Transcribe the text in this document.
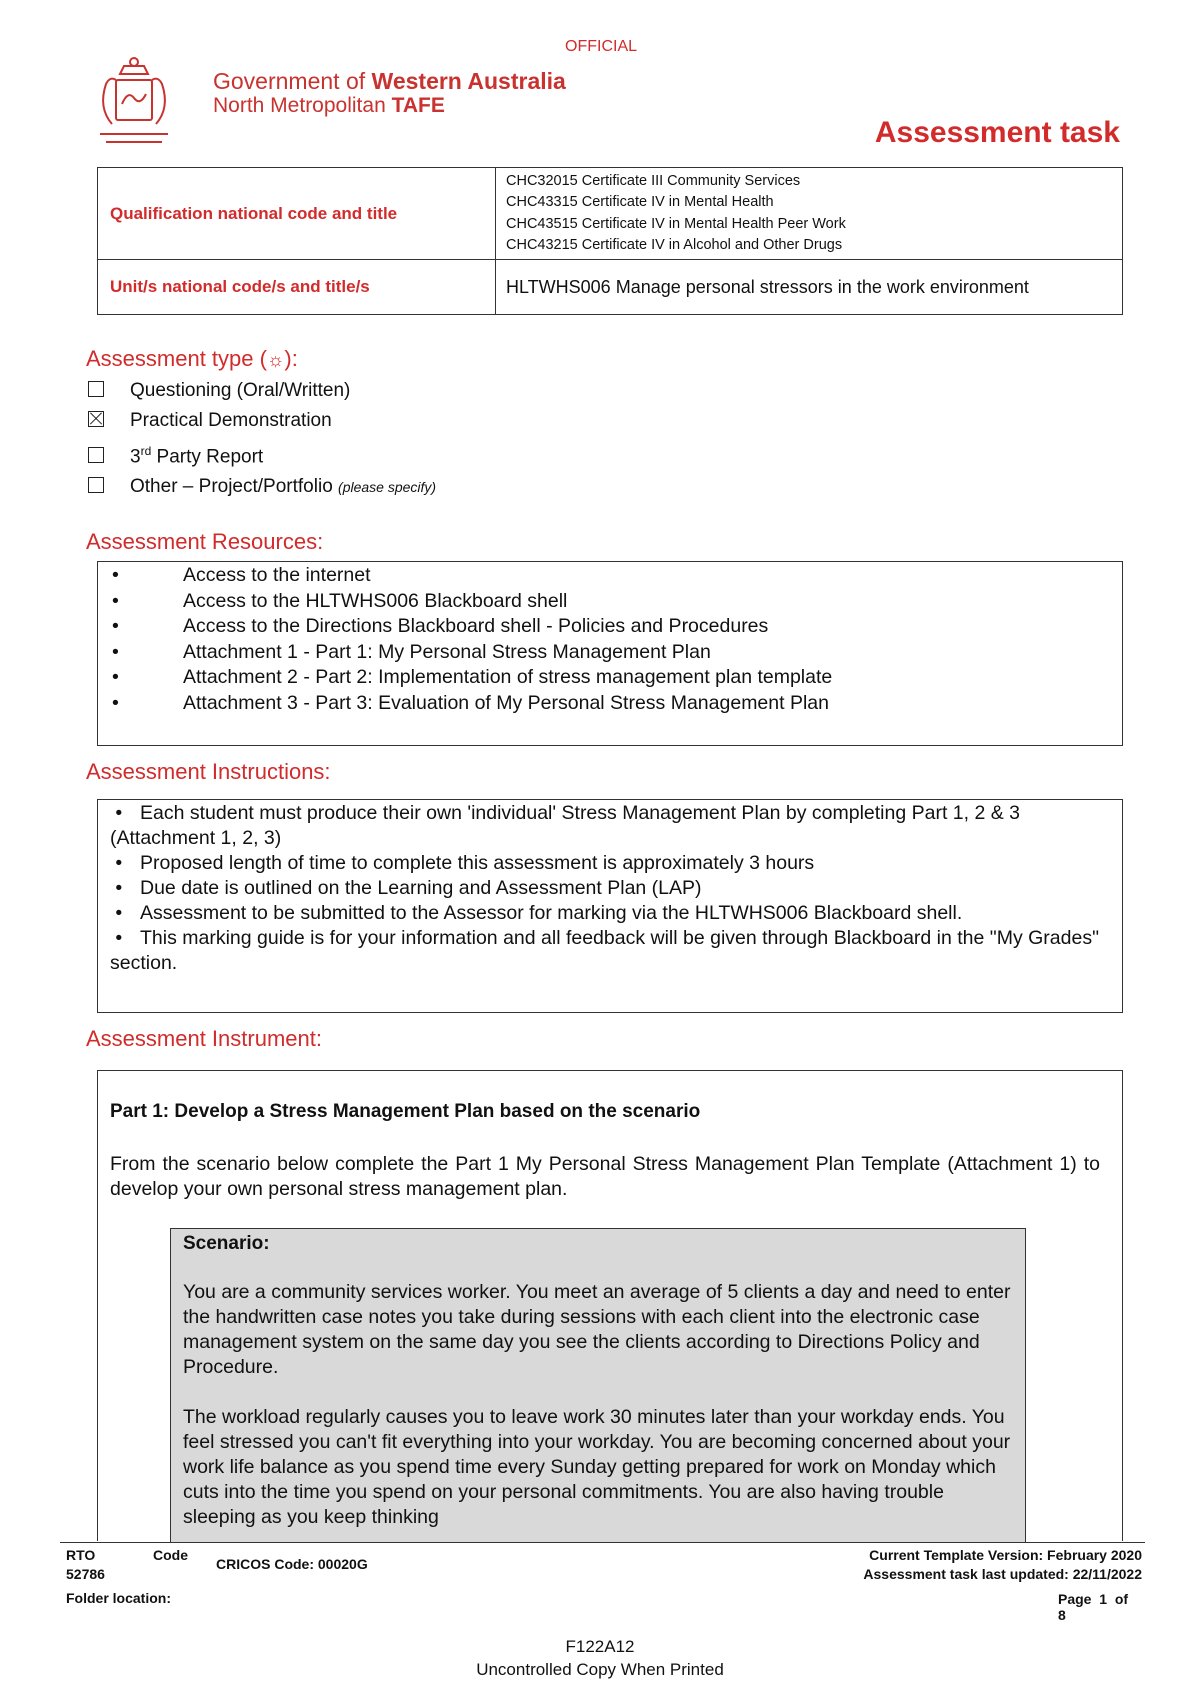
OFFICIAL
Government of Western Australia
North Metropolitan TAFE
Assessment task
Qualification national code and title	CHC32015 Certificate III Community Services
CHC43315 Certificate IV in Mental Health
CHC43515 Certificate IV in Mental Health Peer Work
CHC43215 Certificate IV in Alcohol and Other Drugs

Unit/s national code/s and title/s	HLTWHS006 Manage personal stressors in the work environment
Assessment type (☼):
Questioning (Oral/Written)
Practical Demonstration
3rd Party Report
Other – Project/Portfolio (please specify)
Assessment Resources:
• Access to the internet
• Access to the HLTWHS006 Blackboard shell
• Access to the Directions Blackboard shell - Policies and Procedures
• Attachment 1 - Part 1: My Personal Stress Management Plan
• Attachment 2 - Part 2: Implementation of stress management plan template
• Attachment 3 - Part 3: Evaluation of My Personal Stress Management Plan
Assessment Instructions:
• Each student must produce their own 'individual' Stress Management Plan by completing Part 1, 2 & 3 (Attachment 1, 2, 3)
• Proposed length of time to complete this assessment is approximately 3 hours
• Due date is outlined on the Learning and Assessment Plan (LAP)
• Assessment to be submitted to the Assessor for marking via the HLTWHS006 Blackboard shell.
• This marking guide is for your information and all feedback will be given through Blackboard in the "My Grades" section.
Assessment Instrument:
Part 1: Develop a Stress Management Plan based on the scenario
From the scenario below complete the Part 1 My Personal Stress Management Plan Template (Attachment 1) to develop your own personal stress management plan.
Scenario:

You are a community services worker. You meet an average of 5 clients a day and need to enter the handwritten case notes you take during sessions with each client into the electronic case management system on the same day you see the clients according to Directions Policy and Procedure.

The workload regularly causes you to leave work 30 minutes later than your workday ends. You feel stressed you can't fit everything into your workday. You are becoming concerned about your work life balance as you spend time every Sunday getting prepared for work on Monday which cuts into the time you spend on your personal commitments. You are also having trouble sleeping as you keep thinking

RTO	Code
52786
CRICOS Code: 00020G
Current Template Version: February 2020
Assessment task last updated: 22/11/2022
Folder location:	Page 1 of
8
F122A12
Uncontrolled Copy When Printed
